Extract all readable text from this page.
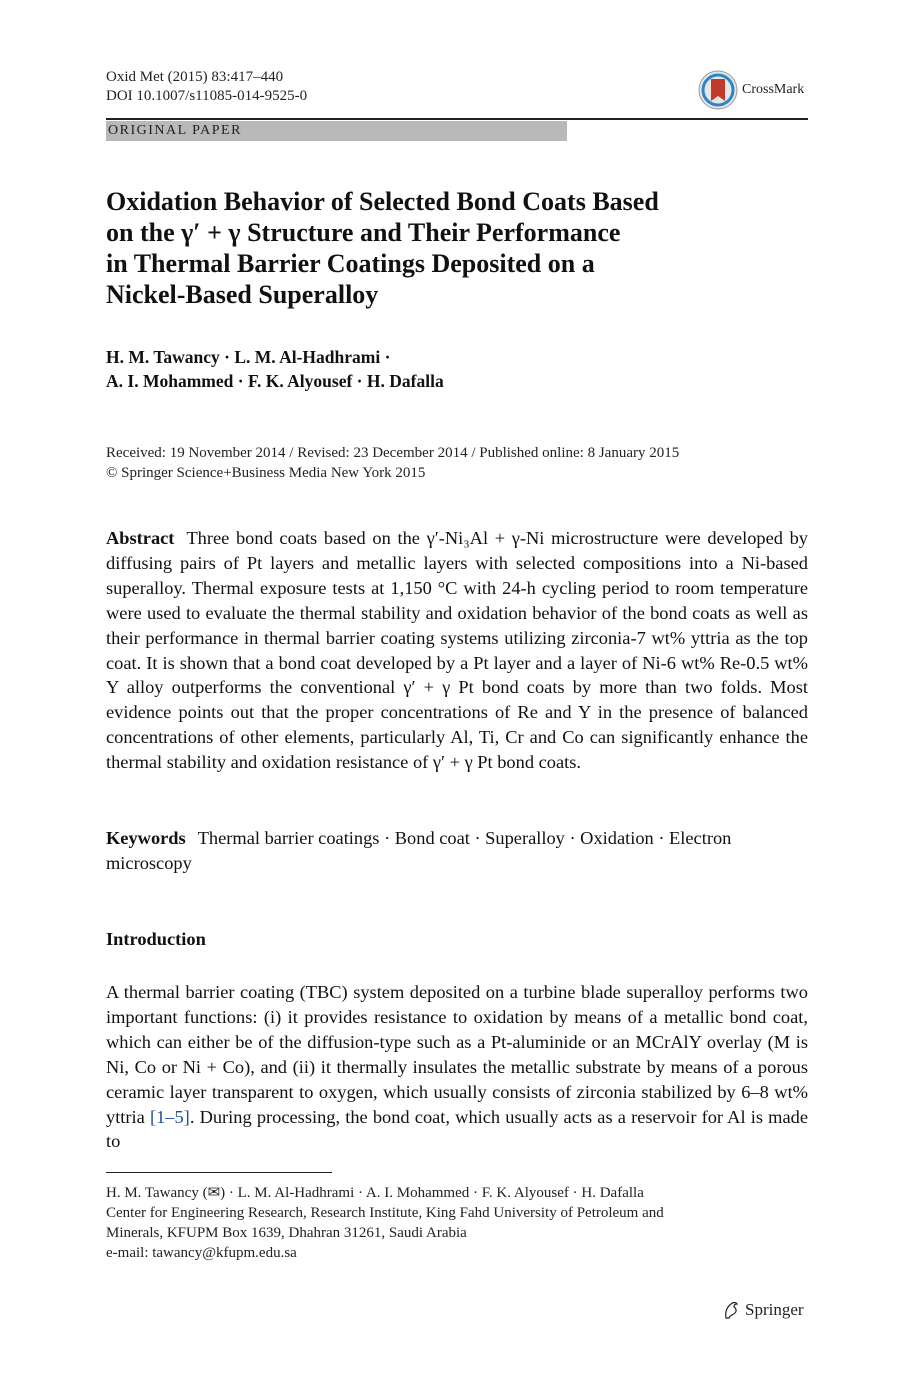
Oxid Met (2015) 83:417–440
DOI 10.1007/s11085-014-9525-0	CrossMark
ORIGINAL PAPER
Oxidation Behavior of Selected Bond Coats Based
on the γ′ + γ Structure and Their Performance
in Thermal Barrier Coatings Deposited on a
Nickel-Based Superalloy
H. M. Tawancy · L. M. Al-Hadhrami ·
A. I. Mohammed · F. K. Alyousef · H. Dafalla
Received: 19 November 2014 / Revised: 23 December 2014 / Published online: 8 January 2015
© Springer Science+Business Media New York 2015
Abstract Three bond coats based on the γ′-Ni₃Al + γ-Ni microstructure were developed by diffusing pairs of Pt layers and metallic layers with selected compositions into a Ni-based superalloy. Thermal exposure tests at 1,150 °C with 24-h cycling period to room temperature were used to evaluate the thermal stability and oxidation behavior of the bond coats as well as their performance in thermal barrier coating systems utilizing zirconia-7 wt% yttria as the top coat. It is shown that a bond coat developed by a Pt layer and a layer of Ni-6 wt% Re-0.5 wt% Y alloy outperforms the conventional γ′ + γ Pt bond coats by more than two folds. Most evidence points out that the proper concentrations of Re and Y in the presence of balanced concentrations of other elements, particularly Al, Ti, Cr and Co can significantly enhance the thermal stability and oxidation resistance of γ′ + γ Pt bond coats.
Keywords Thermal barrier coatings · Bond coat · Superalloy · Oxidation · Electron microscopy
Introduction
A thermal barrier coating (TBC) system deposited on a turbine blade superalloy performs two important functions: (i) it provides resistance to oxidation by means of a metallic bond coat, which can either be of the diffusion-type such as a Pt-aluminide or an MCrAlY overlay (M is Ni, Co or Ni + Co), and (ii) it thermally insulates the metallic substrate by means of a porous ceramic layer transparent to oxygen, which usually consists of zirconia stabilized by 6–8 wt% yttria [1–5]. During processing, the bond coat, which usually acts as a reservoir for Al is made to
H. M. Tawancy (✉) · L. M. Al-Hadhrami · A. I. Mohammed · F. K. Alyousef · H. Dafalla
Center for Engineering Research, Research Institute, King Fahd University of Petroleum and
Minerals, KFUPM Box 1639, Dhahran 31261, Saudi Arabia
e-mail: tawancy@kfupm.edu.sa
Springer
